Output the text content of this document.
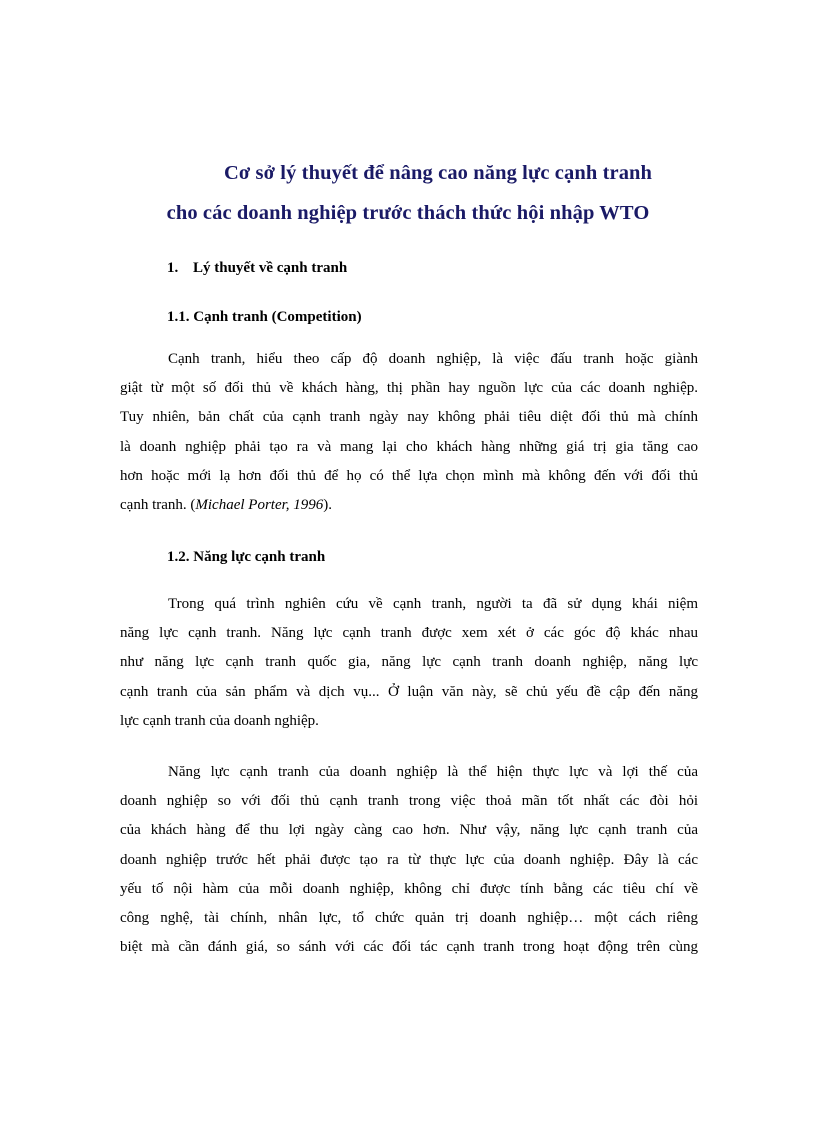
Cơ sở lý thuyết để nâng cao năng lực cạnh tranh
cho các doanh nghiệp trước thách thức hội nhập WTO
1. Lý thuyết về cạnh tranh
1.1. Cạnh tranh (Competition)
Cạnh tranh, hiểu theo cấp độ doanh nghiệp, là việc đấu tranh hoặc giành
giật từ một số đối thủ về khách hàng, thị phần hay nguồn lực của các doanh nghiệp.
Tuy nhiên, bản chất của cạnh tranh ngày nay không phải tiêu diệt đối thủ mà chính
là doanh nghiệp phải tạo ra và mang lại cho khách hàng những giá trị gia tăng cao
hơn hoặc mới lạ hơn đối thủ để họ có thể lựa chọn mình mà không đến với đối thủ
cạnh tranh. (Michael Porter, 1996).
1.2. Năng lực cạnh tranh
Trong quá trình nghiên cứu về cạnh tranh, người ta đã sử dụng khái niệm
năng lực cạnh tranh. Năng lực cạnh tranh được xem xét ở các góc độ khác nhau
như năng lực cạnh tranh quốc gia, năng lực cạnh tranh doanh nghiệp, năng lực
cạnh tranh của sản phẩm và dịch vụ... Ở luận văn này, sẽ chủ yếu đề cập đến năng
lực cạnh tranh của doanh nghiệp.
Năng lực cạnh tranh của doanh nghiệp là thể hiện thực lực và lợi thế của
doanh nghiệp so với đối thủ cạnh tranh trong việc thoả mãn tốt nhất các đòi hỏi
của khách hàng để thu lợi ngày càng cao hơn. Như vậy, năng lực cạnh tranh của
doanh nghiệp trước hết phải được tạo ra từ thực lực của doanh nghiệp. Đây là các
yếu tố nội hàm của mỗi doanh nghiệp, không chỉ được tính bằng các tiêu chí về
công nghệ, tài chính, nhân lực, tổ chức quản trị doanh nghiệp… một cách riêng
biệt mà cần đánh giá, so sánh với các đối tác cạnh tranh trong hoạt động trên cùng
